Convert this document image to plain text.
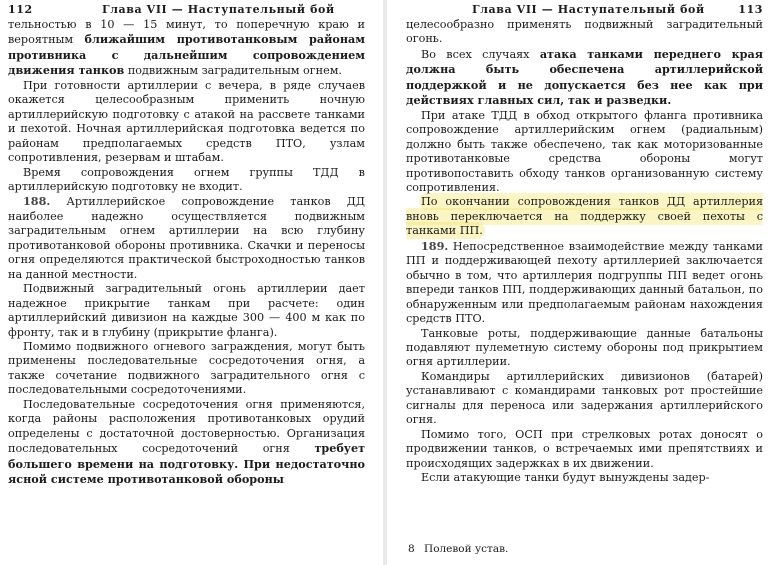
112	Глава VII — Наступательный бой

тельностью в 10 — 15 минут, то поперечную краю и вероятным ближайшим противотанковым районам противника с дальнейшим сопровождением движения танков подвижным заградительным огнем.

При готовности артиллерии с вечера, в ряде случаев окажется целесообразным применить ночную артиллерийскую подготовку с атакой на рассвете танками и пехотой. Ночная артиллерийская подготовка ведется по районам предполагаемых средств ПТО, узлам сопротивления, резервам и штабам.

Время сопровождения огнем группы ТДД в артиллерийскую подготовку не входит.

188. Артиллерийское сопровождение танков ДД наиболее надежно осуществляется подвижным заградительным огнем артиллерии на всю глубину противотанковой обороны противника. Скачки и переносы огня определяются практической быстроходностью танков на данной местности.

Подвижный заградительный огонь артиллерии дает надежное прикрытие танкам при расчете: один артиллерийский дивизион на каждые 300 — 400 м как по фронту, так и в глубину (прикрытие фланга).

Помимо подвижного огневого заграждения, могут быть применены последовательные сосредоточения огня, а также сочетание подвижного заградительного огня с последовательными сосредоточениями.

Последовательные сосредоточения огня применяются, когда районы расположения противотанковых орудий определены с достаточной достоверностью. Организация последовательных сосредоточений огня требует большего времени на подготовку. При недостаточно ясной системе противотанковой обороны

Глава VII — Наступательный бой	113

целесообразно применять подвижный заградительный огонь.

Во всех случаях атака танками переднего края должна быть обеспечена артиллерийской поддержкой и не допускается без нее как при действиях главных сил, так и разведки.

При атаке ТДД в обход открытого фланга противника сопровождение артиллерийским огнем (радиальным) должно быть также обеспечено, так как моторизованные противотанковые средства обороны могут противопоставить обходу танков организованную систему сопротивления.

По окончании сопровождения танков ДД артиллерия вновь переключается на поддержку своей пехоты с танками ПП.

189. Непосредственное взаимодействие между танками ПП и поддерживающей пехоту артиллерией заключается обычно в том, что артиллерия подгруппы ПП ведет огонь впереди танков ПП, поддерживающих данный батальон, по обнаруженным или предполагаемым районам нахождения средств ПТО.

Танковые роты, поддерживающие данные батальоны подавляют пулеметную систему обороны под прикрытием огня артиллерии.

Командиры артиллерийских дивизионов (батарей) устанавливают с командирами танковых рот простейшие сигналы для переноса или задержания артиллерийского огня.

Помимо того, ОСП при стрелковых ротах доносят о продвижении танков, о встречаемых ими препятствиях и происходящих задержках в их движении.

Если атакующие танки будут вынуждены задер-

8 Полевой устав.
